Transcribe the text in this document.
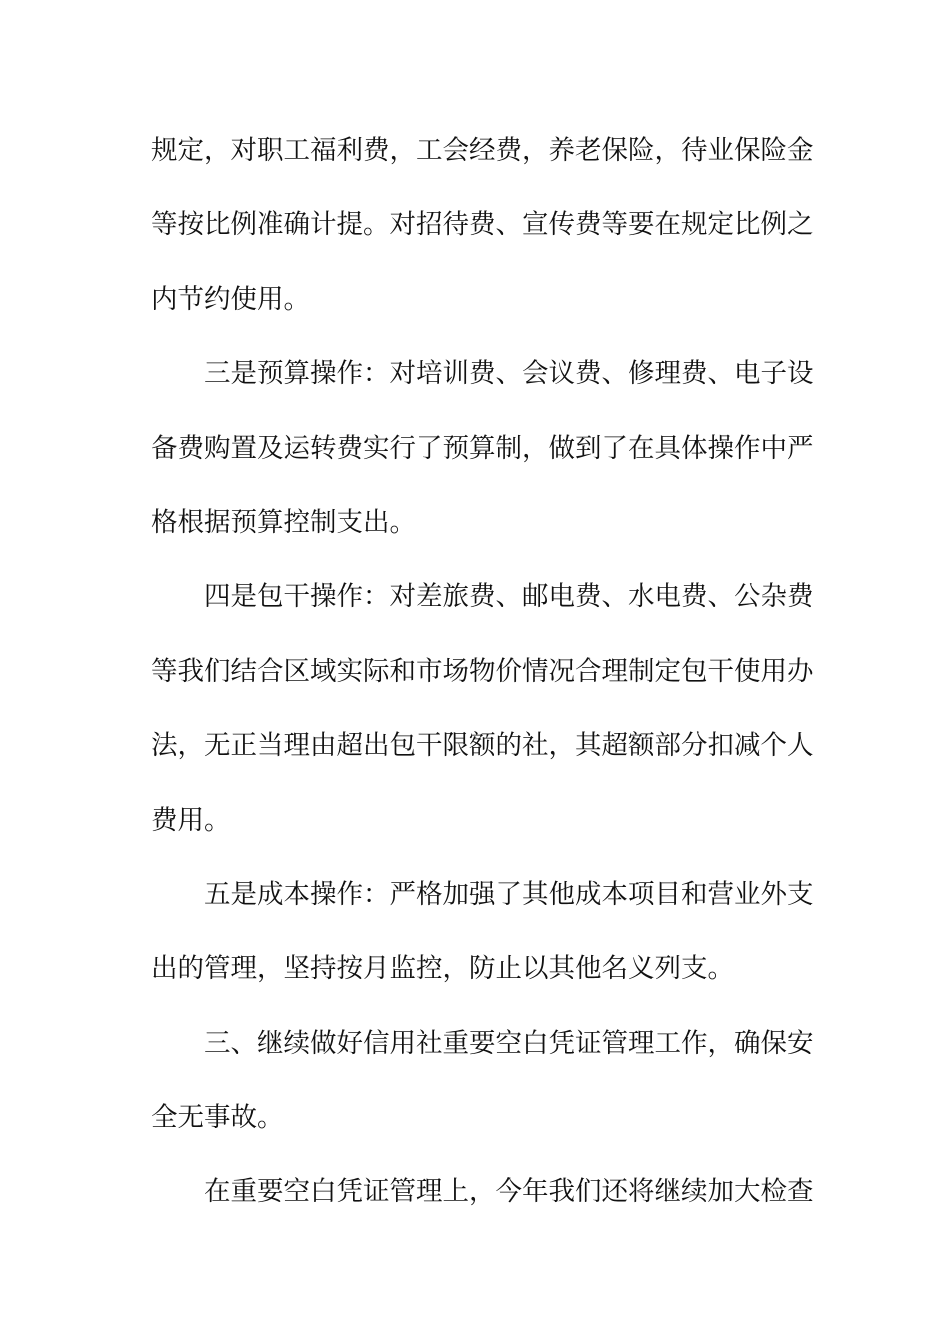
规定，对职工福利费，工会经费，养老保险，待业保险金
等按比例准确计提。对招待费、宣传费等要在规定比例之
内节约使用。
三是预算操作：对培训费、会议费、修理费、电子设
备费购置及运转费实行了预算制，做到了在具体操作中严
格根据预算控制支出。
四是包干操作：对差旅费、邮电费、水电费、公杂费
等我们结合区域实际和市场物价情况合理制定包干使用办
法，无正当理由超出包干限额的社，其超额部分扣减个人
费用。
五是成本操作：严格加强了其他成本项目和营业外支
出的管理，坚持按月监控，防止以其他名义列支。
三、继续做好信用社重要空白凭证管理工作，确保安
全无事故。
在重要空白凭证管理上，今年我们还将继续加大检查
